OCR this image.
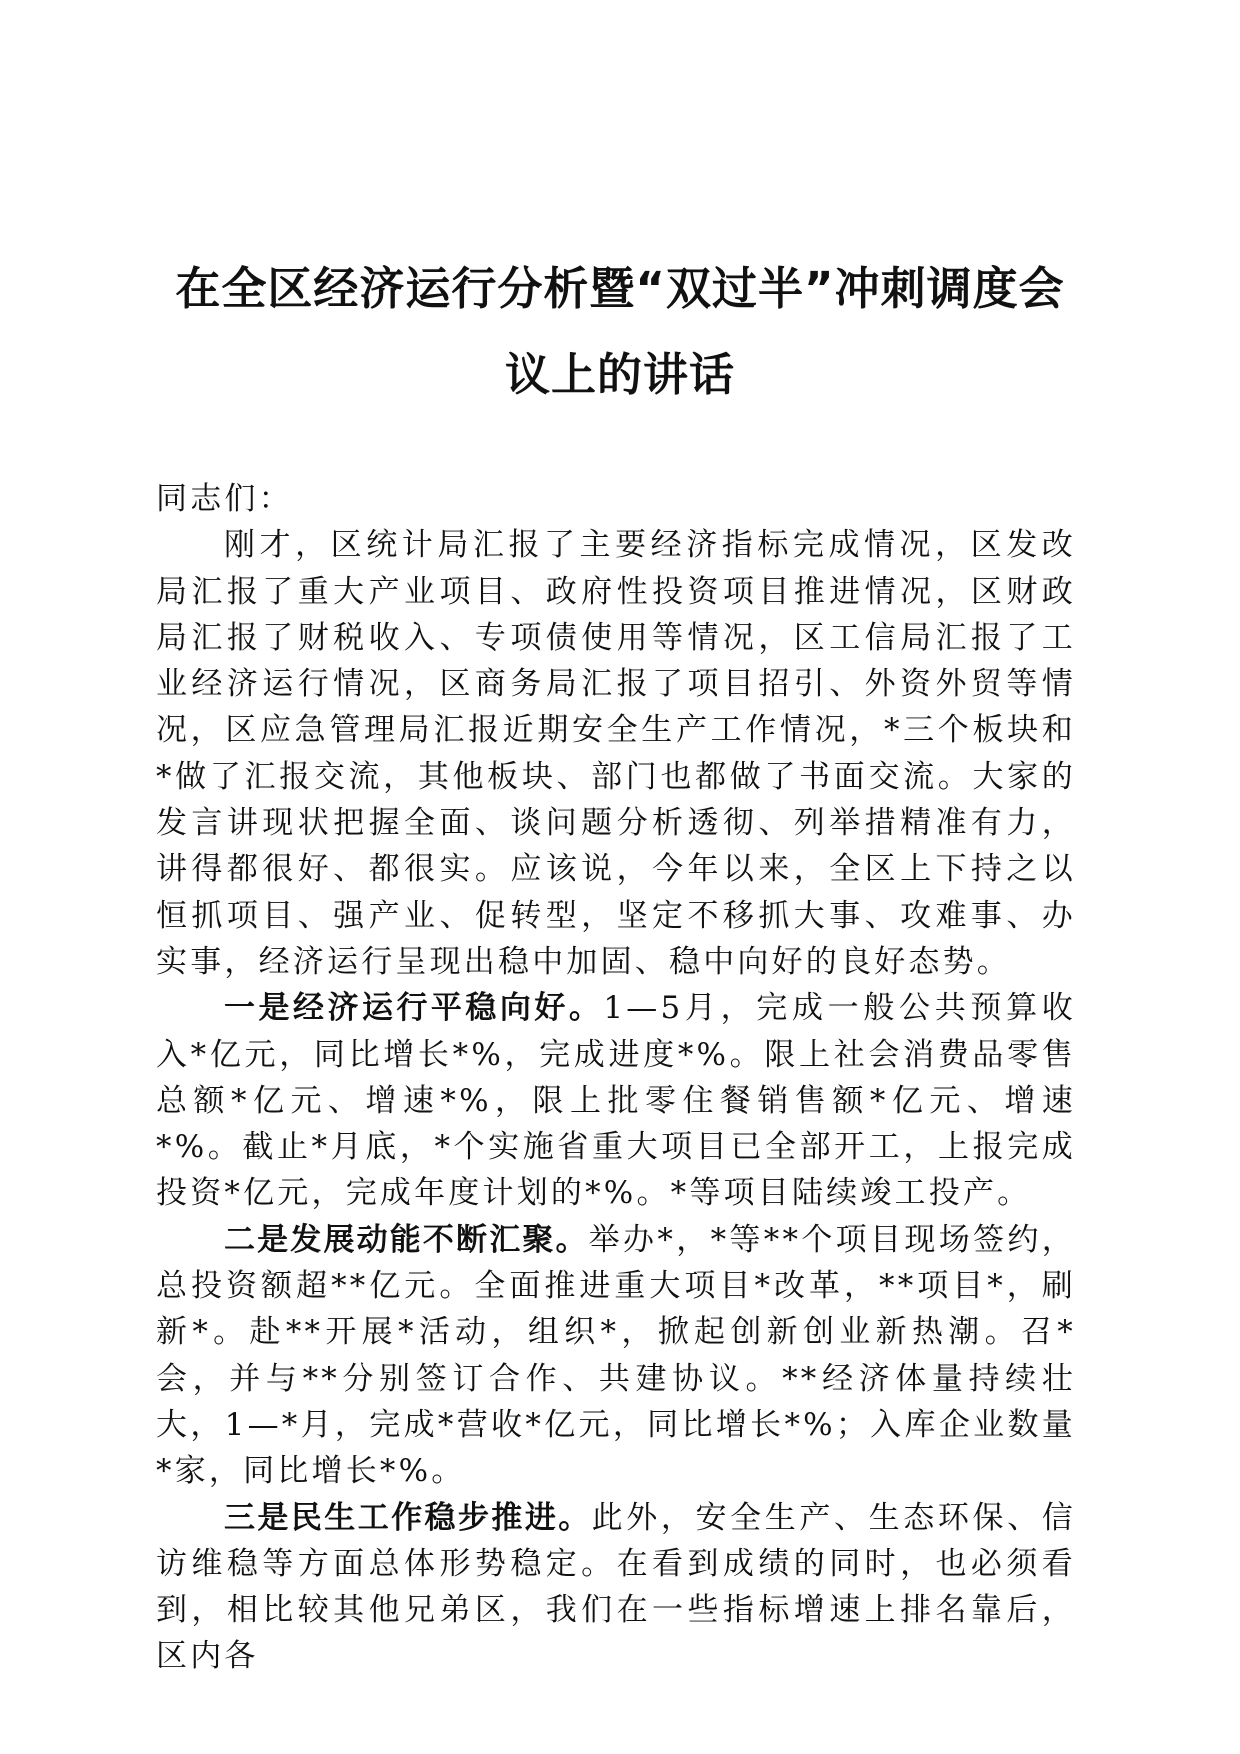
在全区经济运行分析暨“双过半”冲刺调度会
议上的讲话

同志们：

刚才，区统计局汇报了主要经济指标完成情况，区发改局汇报了重大产业项目、政府性投资项目推进情况，区财政局汇报了财税收入、专项债使用等情况，区工信局汇报了工业经济运行情况，区商务局汇报了项目招引、外资外贸等情况，区应急管理局汇报近期安全生产工作情况，*三个板块和*做了汇报交流，其他板块、部门也都做了书面交流。大家的发言讲现状把握全面、谈问题分析透彻、列举措精准有力，讲得都很好、都很实。应该说，今年以来，全区上下持之以恒抓项目、强产业、促转型，坚定不移抓大事、攻难事、办实事，经济运行呈现出稳中加固、稳中向好的良好态势。

一是经济运行平稳向好。1—5月，完成一般公共预算收入*亿元，同比增长*%，完成进度*%。限上社会消费品零售总额*亿元、增速*%，限上批零住餐销售额*亿元、增速*%。截止*月底，*个实施省重大项目已全部开工，上报完成投资*亿元，完成年度计划的*%。*等项目陆续竣工投产。

二是发展动能不断汇聚。举办*，*等**个项目现场签约，总投资额超**亿元。全面推进重大项目*改革，**项目*，刷新*。赴**开展*活动，组织*，掀起创新创业新热潮。召*会，并与**分别签订合作、共建协议。**经济体量持续壮大，1—*月，完成*营收*亿元，同比增长*%；入库企业数量*家，同比增长*%。

三是民生工作稳步推进。此外，安全生产、生态环保、信访维稳等方面总体形势稳定。在看到成绩的同时，也必须看到，相比较其他兄弟区，我们在一些指标增速上排名靠后，区内各
